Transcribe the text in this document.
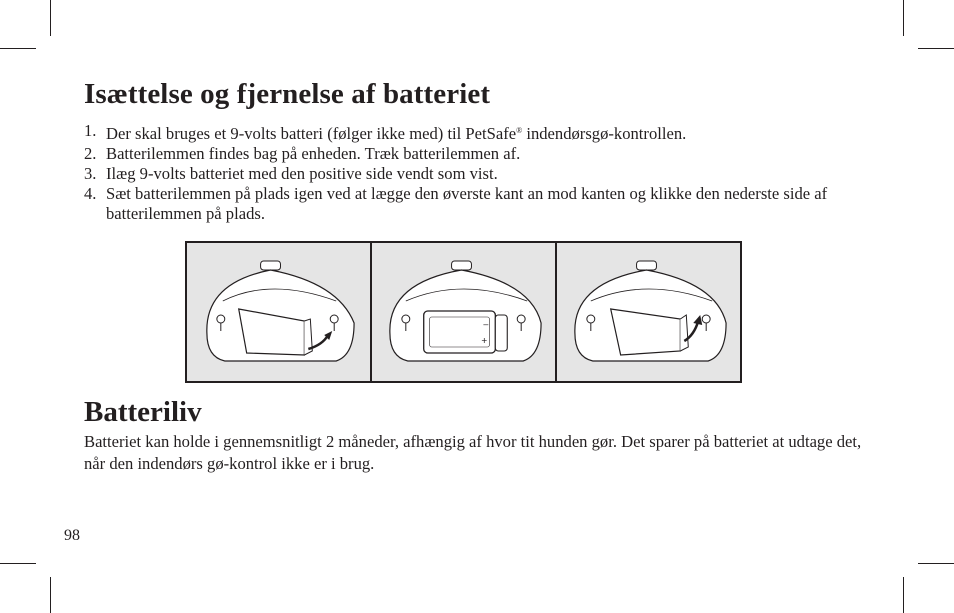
Isættelse og fjernelse af batteriet
1. Der skal bruges et 9-volts batteri (følger ikke med) til PetSafe® indendørsgø-kontrollen.
2. Batterilemmen findes bag på enheden. Træk batterilemmen af.
3. Ilæg 9-volts batteriet med den positive side vendt som vist.
4. Sæt batterilemmen på plads igen ved at lægge den øverste kant an mod kanten og klikke den nederste side af batterilemmen på plads.
–
+
Batteriliv

Batteriet kan holde i gennemsnitligt 2 måneder, afhængig af hvor tit hunden gør. Det sparer på batteriet at udtage det, når den indendørs gø-kontrol ikke er i brug.

98
